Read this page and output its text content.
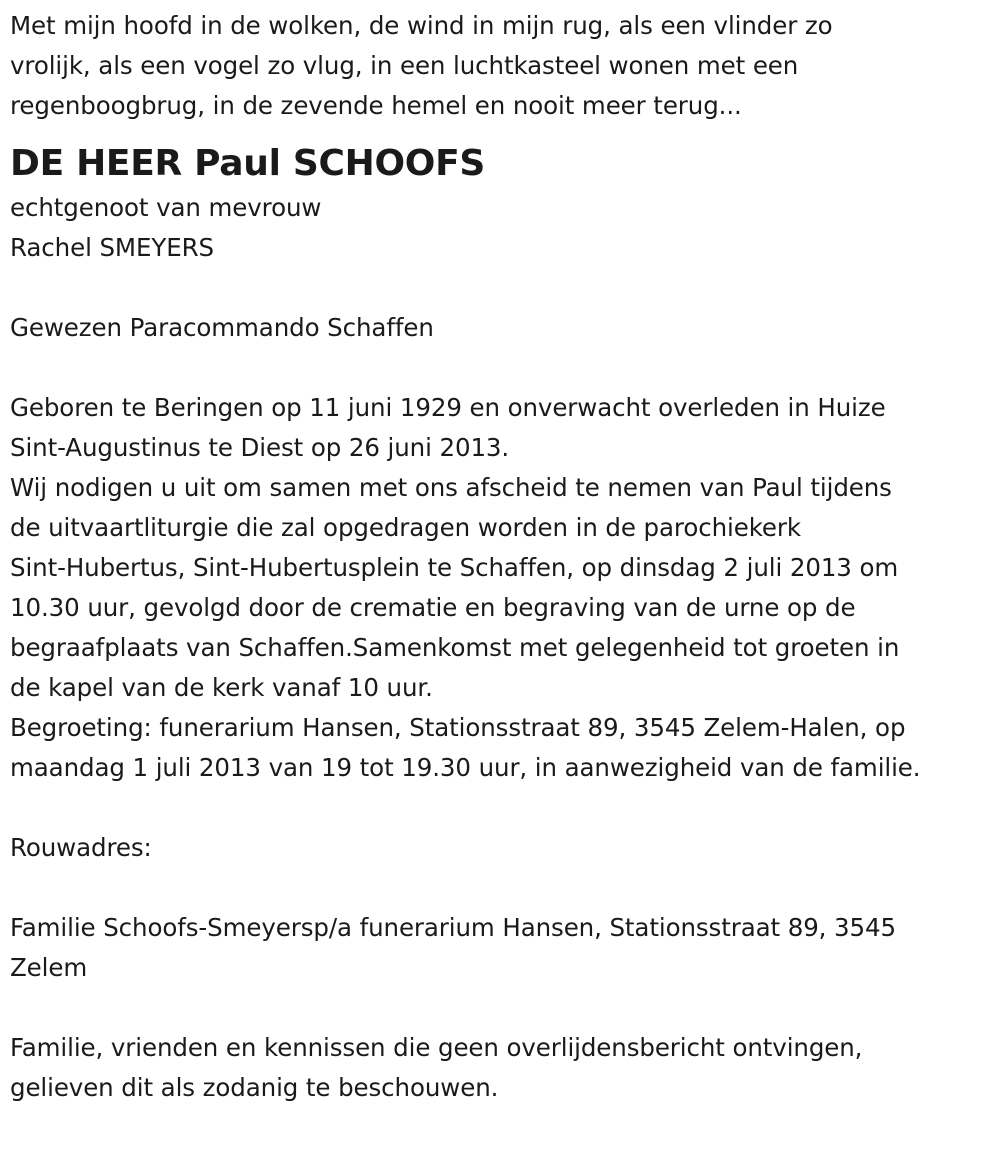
Met mijn hoofd in de wolken, de wind in mijn rug, als een vlinder zo
vrolijk, als een vogel zo vlug, in een luchtkasteel wonen met een
regenboogbrug, in de zevende hemel en nooit meer terug...
DE HEER Paul SCHOOFS
echtgenoot van mevrouw
Rachel SMEYERS
Gewezen Paracommando Schaffen
Geboren te Beringen op 11 juni 1929 en onverwacht overleden in Huize
Sint-Augustinus te Diest op 26 juni 2013.
Wij nodigen u uit om samen met ons afscheid te nemen van Paul tijdens
de uitvaartliturgie die zal opgedragen worden in de parochiekerk
Sint-Hubertus, Sint-Hubertusplein te Schaffen, op dinsdag 2 juli 2013 om
10.30 uur, gevolgd door de crematie en begraving van de urne op de
begraafplaats van Schaffen.Samenkomst met gelegenheid tot groeten in
de kapel van de kerk vanaf 10 uur.
Begroeting: funerarium Hansen, Stationsstraat 89, 3545 Zelem-Halen, op
maandag 1 juli 2013 van 19 tot 19.30 uur, in aanwezigheid van de familie.
Rouwadres:
Familie Schoofs-Smeyersp/a funerarium Hansen, Stationsstraat 89, 3545
Zelem
Familie, vrienden en kennissen die geen overlijdensbericht ontvingen,
gelieven dit als zodanig te beschouwen.
